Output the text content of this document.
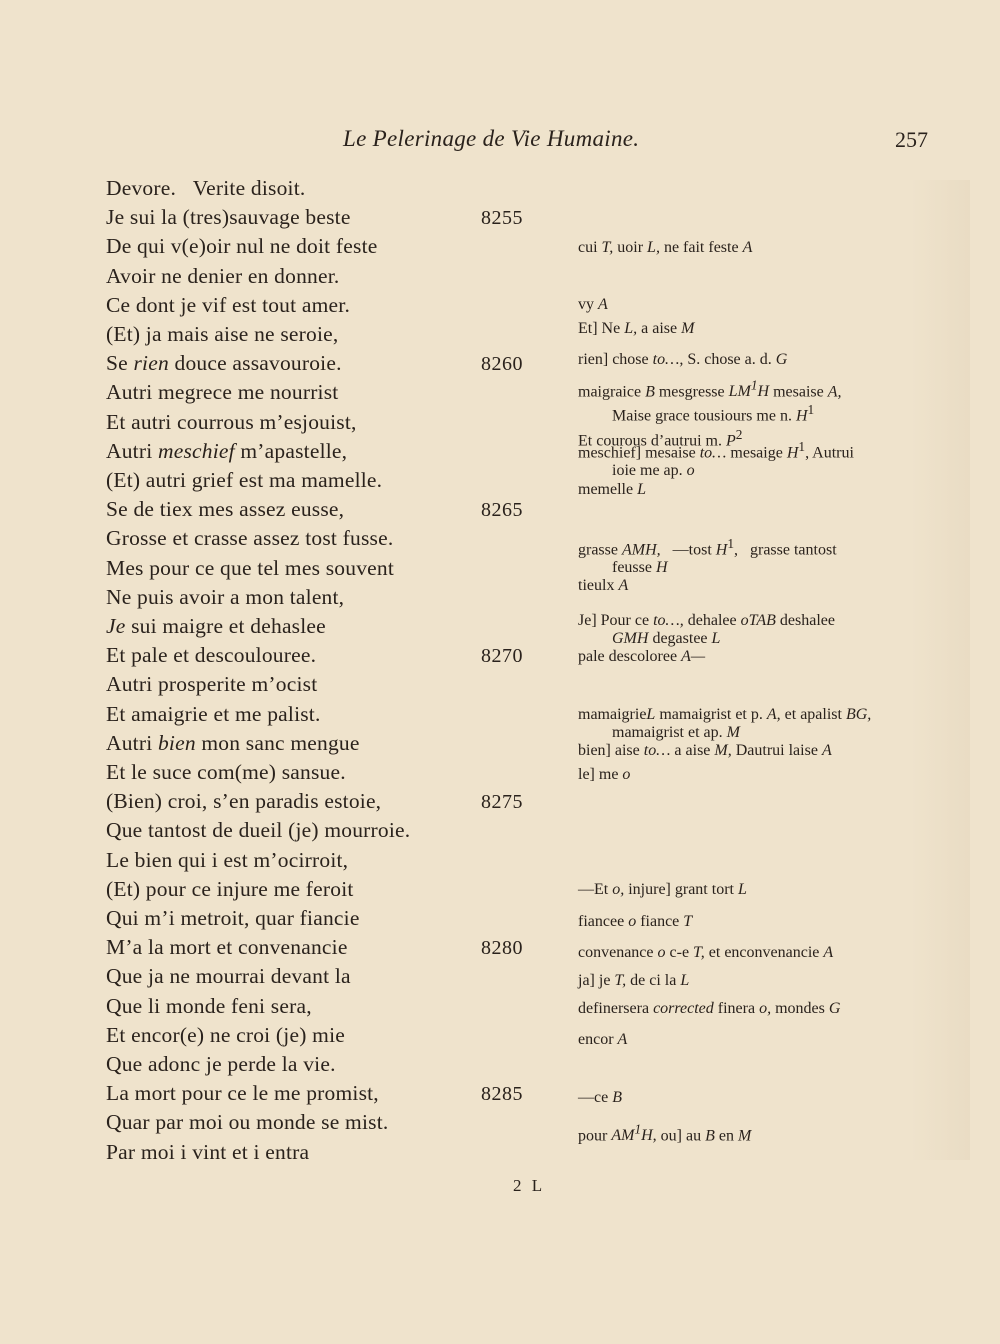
Le Pelerinage de Vie Humaine.	257
Devore.   Verite disoit.
Je sui la (tres)sauvage beste
De qui v(e)oir nul ne doit feste
Avoir ne denier en donner.
Ce dont je vif est tout amer.
(Et) ja mais aise ne seroie,
Se rien douce assavouroie.
Autri megrece me nourrist
Et autri courrous m’esjouist,
Autri meschief m’apastelle,
(Et) autri grief est ma mamelle.
Se de tiex mes assez eusse,
Grosse et crasse assez tost fusse.
Mes pour ce que tel mes souvent
Ne puis avoir a mon talent,
Je sui maigre et dehaslee
Et pale et descoulouree.
Autri prosperite m’ocist
Et amaigrie et me palist.
Autri bien mon sanc mengue
Et le suce com(me) sansue.
(Bien) croi, s’en paradis estoie,
Que tantost de dueil (je) mourroie.
Le bien qui i est m’ocirroit,
(Et) pour ce injure me feroit
Qui m’i metroit, quar fiancie
M’a la mort et convenancie
Que ja ne mourrai devant la
Que li monde feni sera,
Et encor(e) ne croi (je) mie
Que adonc je perde la vie.
La mort pour ce le me promist,
Quar par moi ou monde se mist.
Par moi i vint et i entra
8255
8260
8265
8270
8275
8280
8285
cui T, uoir L, ne fait feste A
vy A
Et] Ne L, a aise M
rien] chose to…, S. chose a. d. G
maigraice B mesgresse $LM^1H$ mesaise A,
Maise grace tousiours me n. $H^1$
Et courous d’autrui m. $P^2$
meschief] mesaise to… mesaige $H^1$, Autrui
ioie me ap. o
memelle L
grasse AMH,   —tost $H^1$,   grasse tantost
feusse H
tieulx A
Je] Pour ce to…, dehalee oTAB deshalee
GMH degastee L
pale descoloree A—
mamaigrieL mamaigrist et p. A, et apalist BG,
mamaigrist et ap. M
bien] aise to… a aise M, Dautrui laise A
le] me o
—Et o, injure] grant tort L
fiancee o fiance T
convenance o c-e T, et enconvenancie A
ja] je T, de ci la L
definersera corrected finera o, mondes G
encor A
—ce B
pour $AM^1H$, ou] au B en M
2 L
